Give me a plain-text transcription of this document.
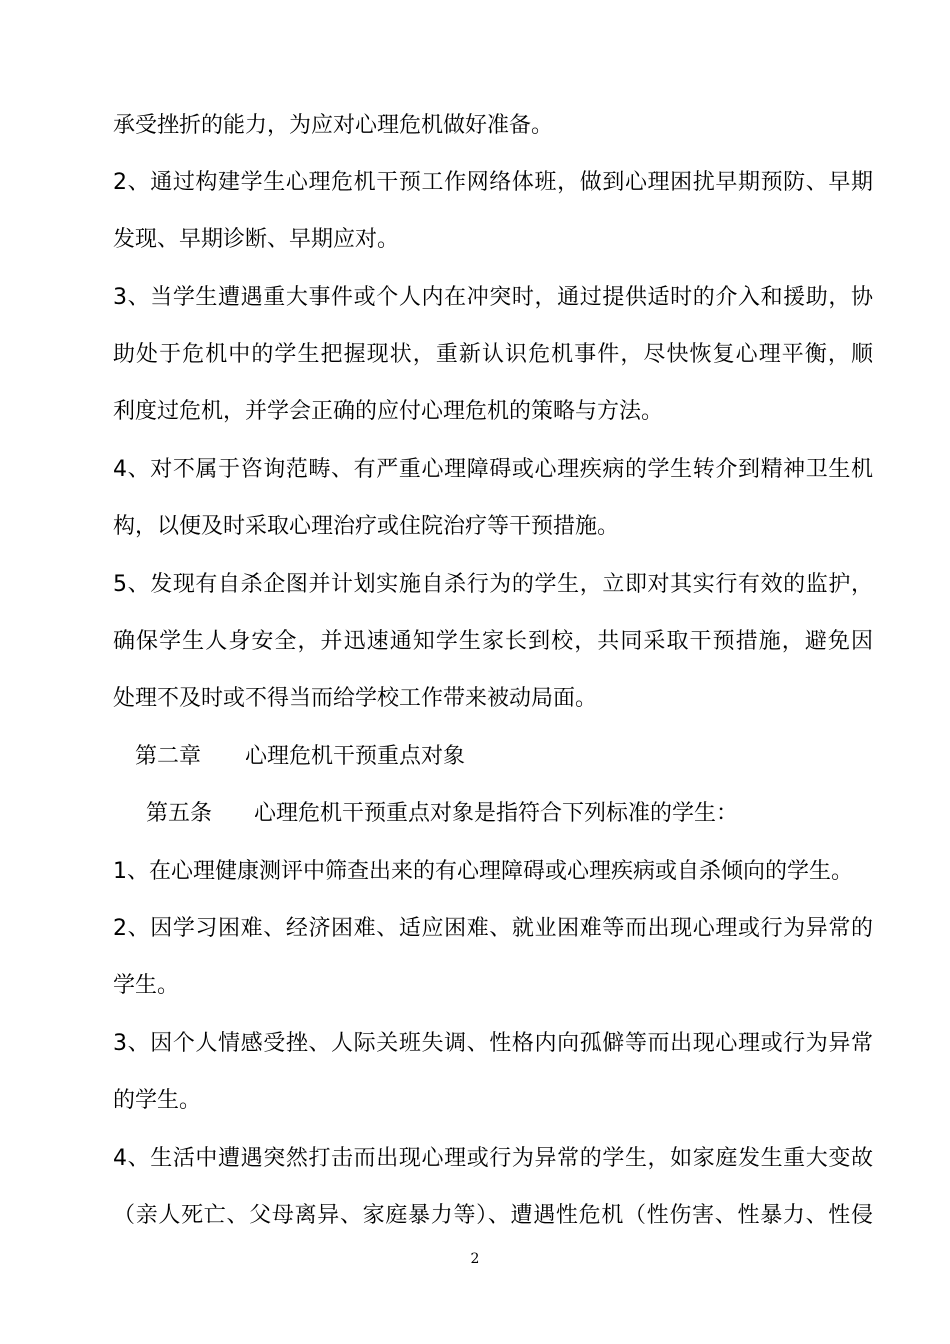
承受挫折的能力，为应对心理危机做好准备。
2、通过构建学生心理危机干预工作网络体班，做到心理困扰早期预防、早期
发现、早期诊断、早期应对。
3、当学生遭遇重大事件或个人内在冲突时，通过提供适时的介入和援助，协
助处于危机中的学生把握现状，重新认识危机事件，尽快恢复心理平衡，顺
利度过危机，并学会正确的应付心理危机的策略与方法。
4、对不属于咨询范畴、有严重心理障碍或心理疾病的学生转介到精神卫生机
构，以便及时采取心理治疗或住院治疗等干预措施。
5、发现有自杀企图并计划实施自杀行为的学生，立即对其实行有效的监护，
确保学生人身安全，并迅速通知学生家长到校，共同采取干预措施，避免因
处理不及时或不得当而给学校工作带来被动局面。
第二章 心理危机干预重点对象
第五条 心理危机干预重点对象是指符合下列标准的学生：
1、在心理健康测评中筛查出来的有心理障碍或心理疾病或自杀倾向的学生。
2、因学习困难、经济困难、适应困难、就业困难等而出现心理或行为异常的
学生。
3、因个人情感受挫、人际关班失调、性格内向孤僻等而出现心理或行为异常
的学生。
4、生活中遭遇突然打击而出现心理或行为异常的学生，如家庭发生重大变故
（亲人死亡、父母离异、家庭暴力等）、遭遇性危机（性伤害、性暴力、性侵
2
